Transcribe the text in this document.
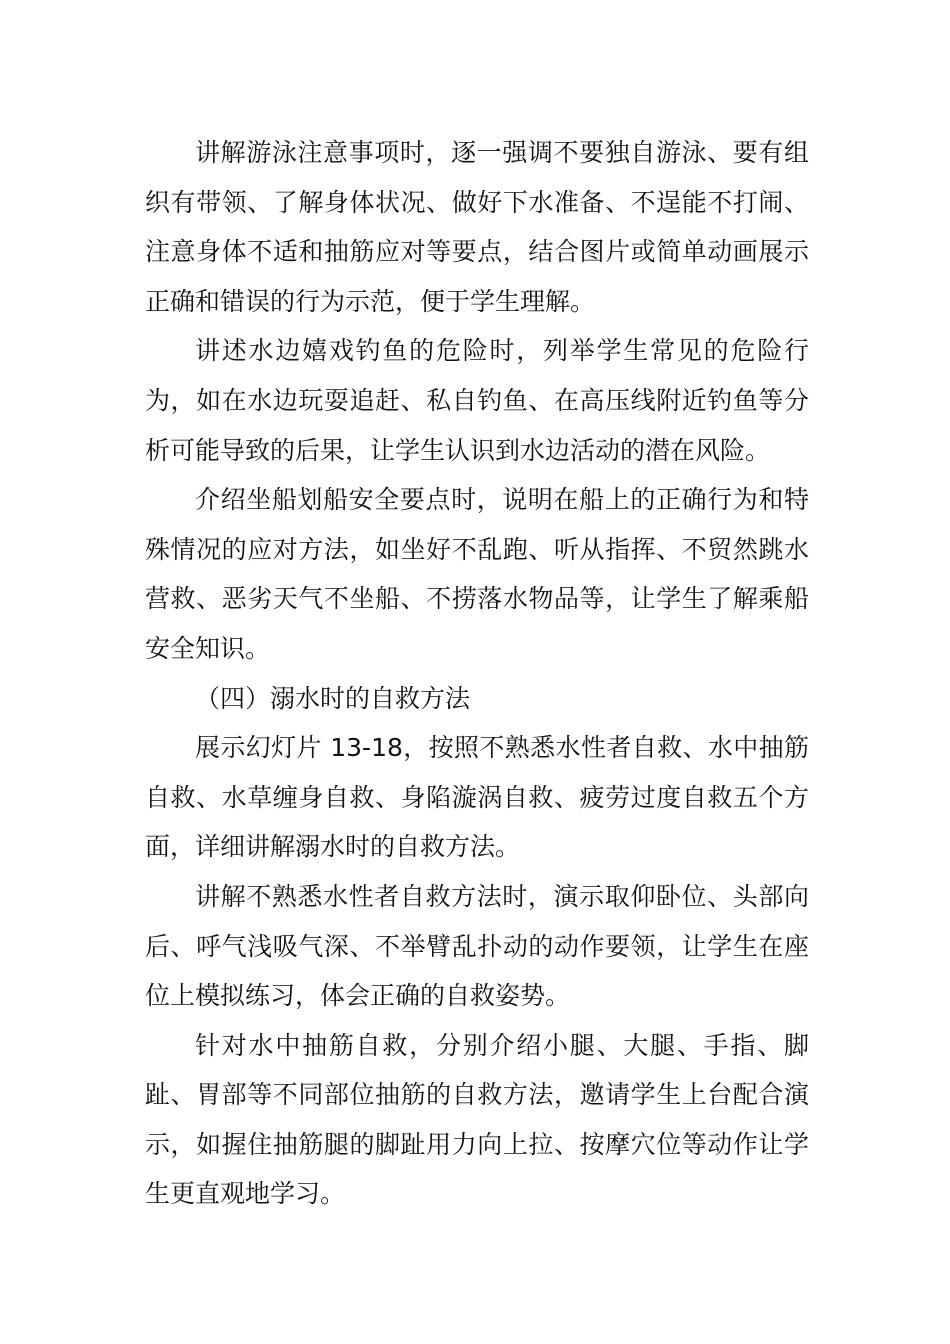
讲解游泳注意事项时，逐一强调不要独自游泳、要有组织有带领、了解身体状况、做好下水准备、不逞能不打闹、注意身体不适和抽筋应对等要点，结合图片或简单动画展示正确和错误的行为示范，便于学生理解。

讲述水边嬉戏钓鱼的危险时，列举学生常见的危险行为，如在水边玩耍追赶、私自钓鱼、在高压线附近钓鱼等分析可能导致的后果，让学生认识到水边活动的潜在风险。

介绍坐船划船安全要点时，说明在船上的正确行为和特殊情况的应对方法，如坐好不乱跑、听从指挥、不贸然跳水营救、恶劣天气不坐船、不捞落水物品等，让学生了解乘船安全知识。

（四）溺水时的自救方法

展示幻灯片 13-18，按照不熟悉水性者自救、水中抽筋自救、水草缠身自救、身陷漩涡自救、疲劳过度自救五个方面，详细讲解溺水时的自救方法。

讲解不熟悉水性者自救方法时，演示取仰卧位、头部向后、呼气浅吸气深、不举臂乱扑动的动作要领，让学生在座位上模拟练习，体会正确的自救姿势。

针对水中抽筋自救，分别介绍小腿、大腿、手指、脚趾、胃部等不同部位抽筋的自救方法，邀请学生上台配合演示，如握住抽筋腿的脚趾用力向上拉、按摩穴位等动作让学生更直观地学习。
